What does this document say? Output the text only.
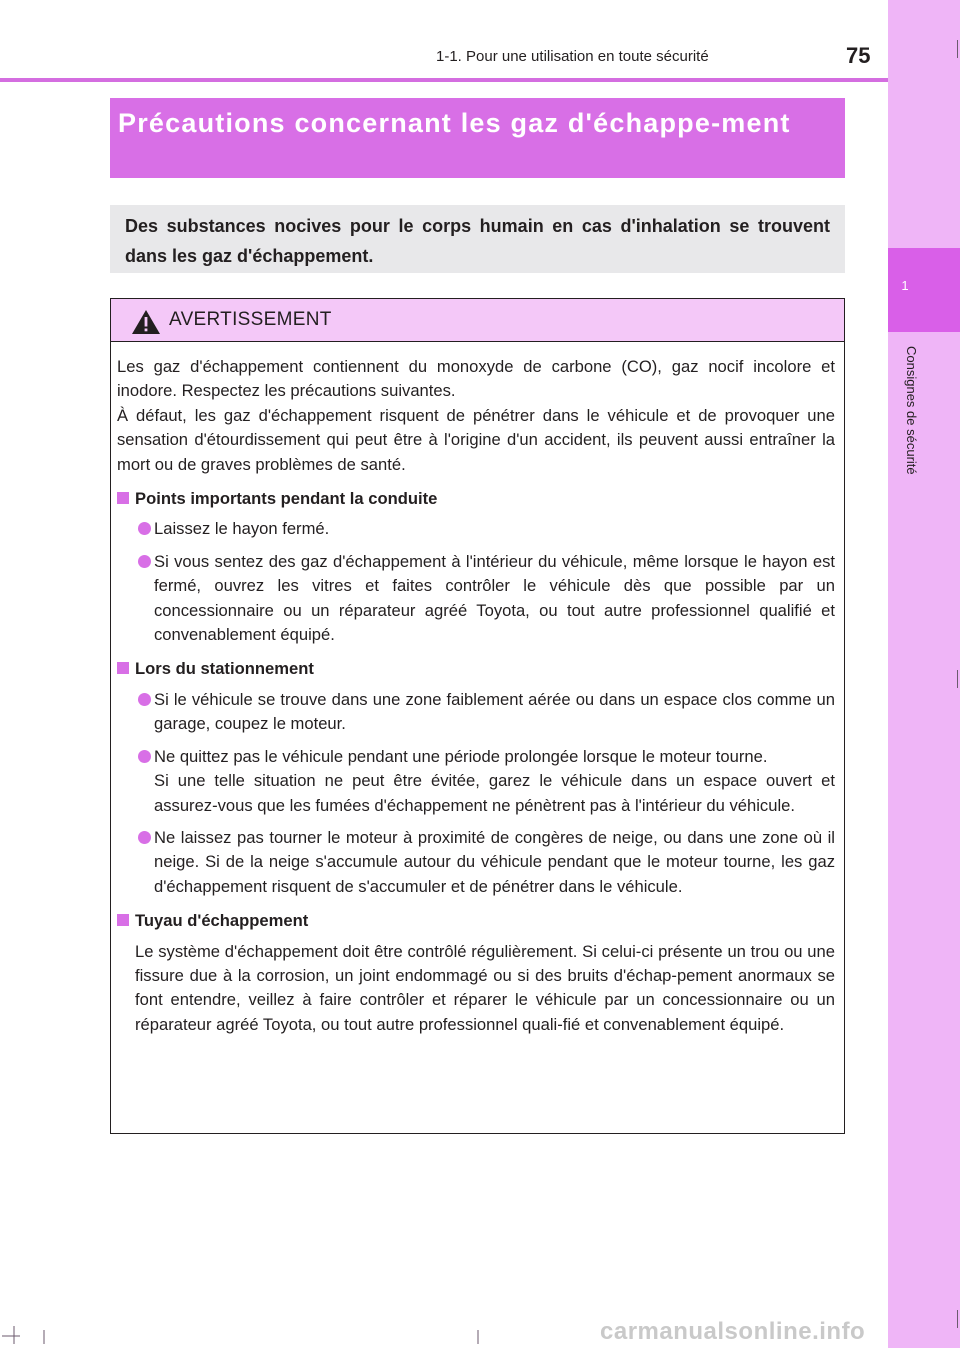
1
Consignes de sécurité
1-1. Pour une utilisation en toute sécurité	75
Précautions concernant les gaz d'échappe-ment
Des substances nocives pour le corps humain en cas d'inhalation se trouvent dans les gaz d'échappement.
AVERTISSEMENT

Les gaz d'échappement contiennent du monoxyde de carbone (CO), gaz nocif incolore et inodore. Respectez les précautions suivantes.

À défaut, les gaz d'échappement risquent de pénétrer dans le véhicule et de provoquer une sensation d'étourdissement qui peut être à l'origine d'un accident, ils peuvent aussi entraîner la mort ou de graves problèmes de santé.

Points importants pendant la conduite
Laissez le hayon fermé.
Si vous sentez des gaz d'échappement à l'intérieur du véhicule, même lorsque le hayon est fermé, ouvrez les vitres et faites contrôler le véhicule dès que possible par un concessionnaire ou un réparateur agréé Toyota, ou tout autre professionnel qualifié et convenablement équipé.
Lors du stationnement
Si le véhicule se trouve dans une zone faiblement aérée ou dans un espace clos comme un garage, coupez le moteur.
Ne quittez pas le véhicule pendant une période prolongée lorsque le moteur tourne.
Si une telle situation ne peut être évitée, garez le véhicule dans un espace ouvert et assurez-vous que les fumées d'échappement ne pénètrent pas à l'intérieur du véhicule.
Ne laissez pas tourner le moteur à proximité de congères de neige, ou dans une zone où il neige. Si de la neige s'accumule autour du véhicule pendant que le moteur tourne, les gaz d'échappement risquent de s'accumuler et de pénétrer dans le véhicule.
Tuyau d'échappement

Le système d'échappement doit être contrôlé régulièrement. Si celui-ci présente un trou ou une fissure due à la corrosion, un joint endommagé ou si des bruits d'échap-pement anormaux se font entendre, veillez à faire contrôler et réparer le véhicule par un concessionnaire ou un réparateur agréé Toyota, ou tout autre professionnel quali-fié et convenablement équipé.

carmanualsonline.info
